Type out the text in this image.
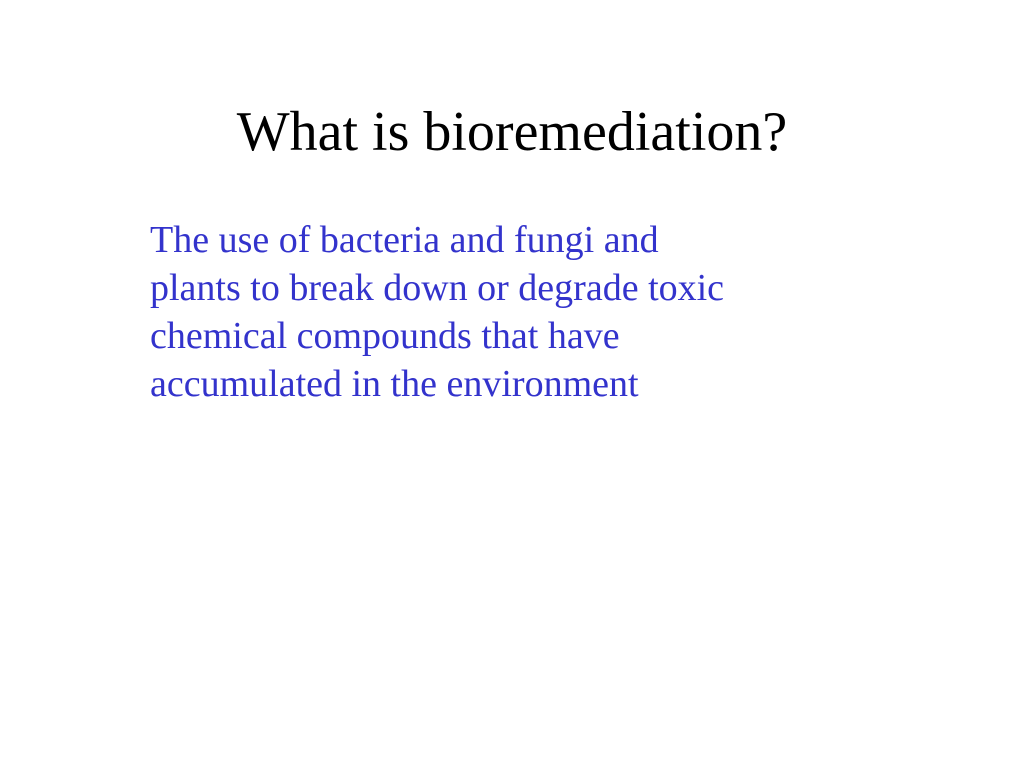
What is bioremediation?

The use of bacteria and fungi and
plants to break down or degrade toxic
chemical compounds that have
accumulated in the environment
